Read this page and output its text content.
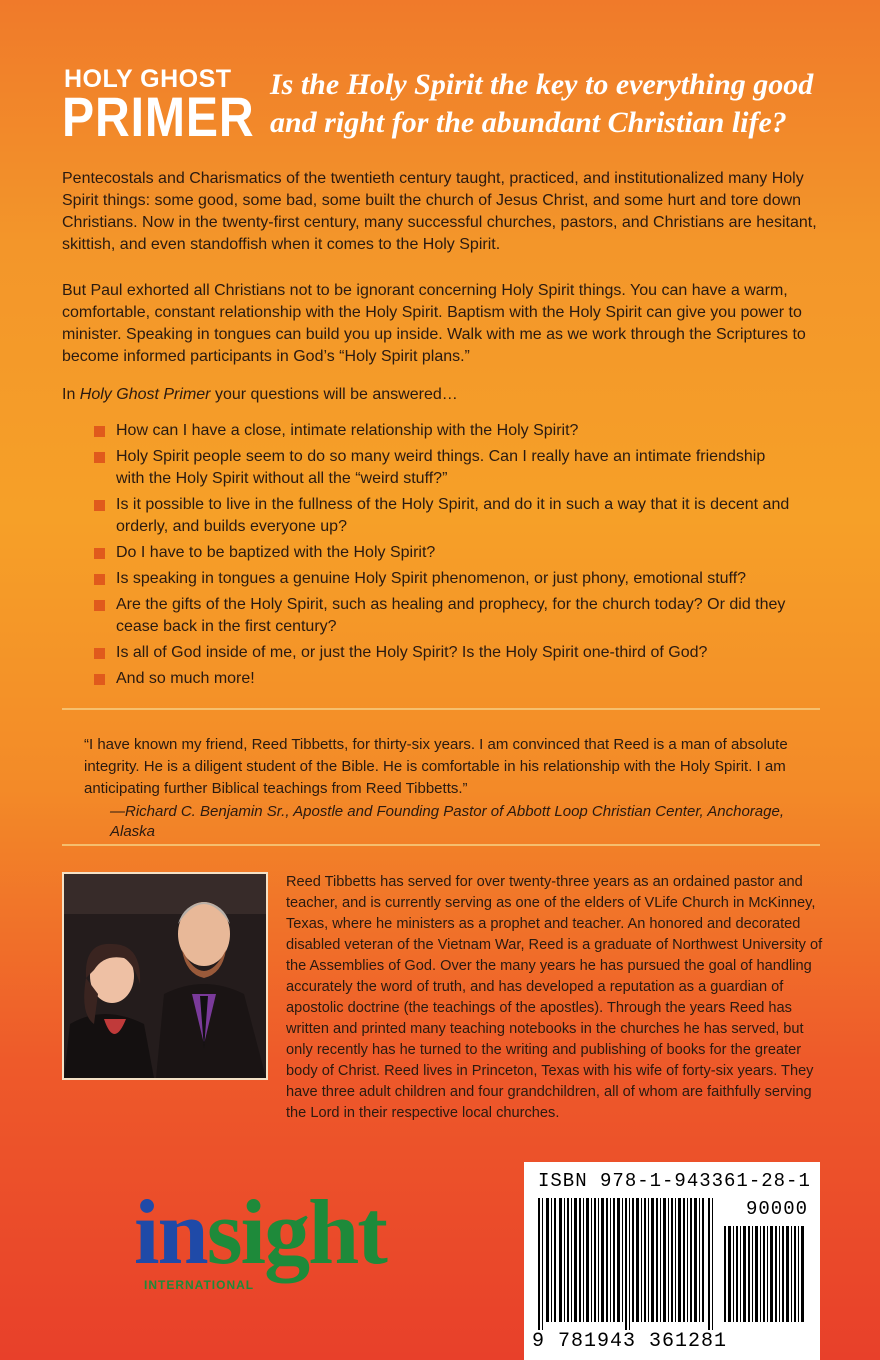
HOLY GHOST
PRIMER
Is the Holy Spirit the key to everything good and right for the abundant Christian life?
Pentecostals and Charismatics of the twentieth century taught, practiced, and institutionalized many Holy Spirit things: some good, some bad, some built the church of Jesus Christ, and some hurt and tore down Christians. Now in the twenty-first century, many successful churches, pastors, and Christians are hesitant, skittish, and even standoffish when it comes to the Holy Spirit.
But Paul exhorted all Christians not to be ignorant concerning Holy Spirit things. You can have a warm, comfortable, constant relationship with the Holy Spirit. Baptism with the Holy Spirit can give you power to minister. Speaking in tongues can build you up inside. Walk with me as we work through the Scriptures to become informed participants in God’s “Holy Spirit plans.”
In Holy Ghost Primer your questions will be answered…
How can I have a close, intimate relationship with the Holy Spirit?
Holy Spirit people seem to do so many weird things. Can I really have an intimate friendship with the Holy Spirit without all the “weird stuff?”
Is it possible to live in the fullness of the Holy Spirit, and do it in such a way that it is decent and orderly, and builds everyone up?
Do I have to be baptized with the Holy Spirit?
Is speaking in tongues a genuine Holy Spirit phenomenon, or just phony, emotional stuff?
Are the gifts of the Holy Spirit, such as healing and prophecy, for the church today? Or did they cease back in the first century?
Is all of God inside of me, or just the Holy Spirit? Is the Holy Spirit one-third of God?
And so much more!
“I have known my friend, Reed Tibbetts, for thirty-six years. I am convinced that Reed is a man of absolute integrity. He is a diligent student of the Bible. He is comfortable in his relationship with the Holy Spirit. I am anticipating further Biblical teachings from Reed Tibbetts.”
—Richard C. Benjamin Sr., Apostle and Founding Pastor of Abbott Loop Christian Center, Anchorage, Alaska
Reed Tibbetts has served for over twenty-three years as an ordained pastor and teacher, and is currently serving as one of the elders of VLife Church in McKinney, Texas, where he ministers as a prophet and teacher. An honored and decorated disabled veteran of the Vietnam War, Reed is a graduate of Northwest University of the Assemblies of God. Over the many years he has pursued the goal of handling accurately the word of truth, and has developed a reputation as a guardian of apostolic doctrine (the teachings of the apostles). Through the years Reed has written and printed many teaching notebooks in the churches he has served, but only recently has he turned to the writing and publishing of books for the greater body of Christ. Reed lives in Princeton, Texas with his wife of forty-six years. They have three adult children and four grandchildren, all of whom are faithfully serving the Lord in their respective local churches.
insight
INTERNATIONAL
ISBN 978-1-943361-28-1
90000
9 781943 361281
